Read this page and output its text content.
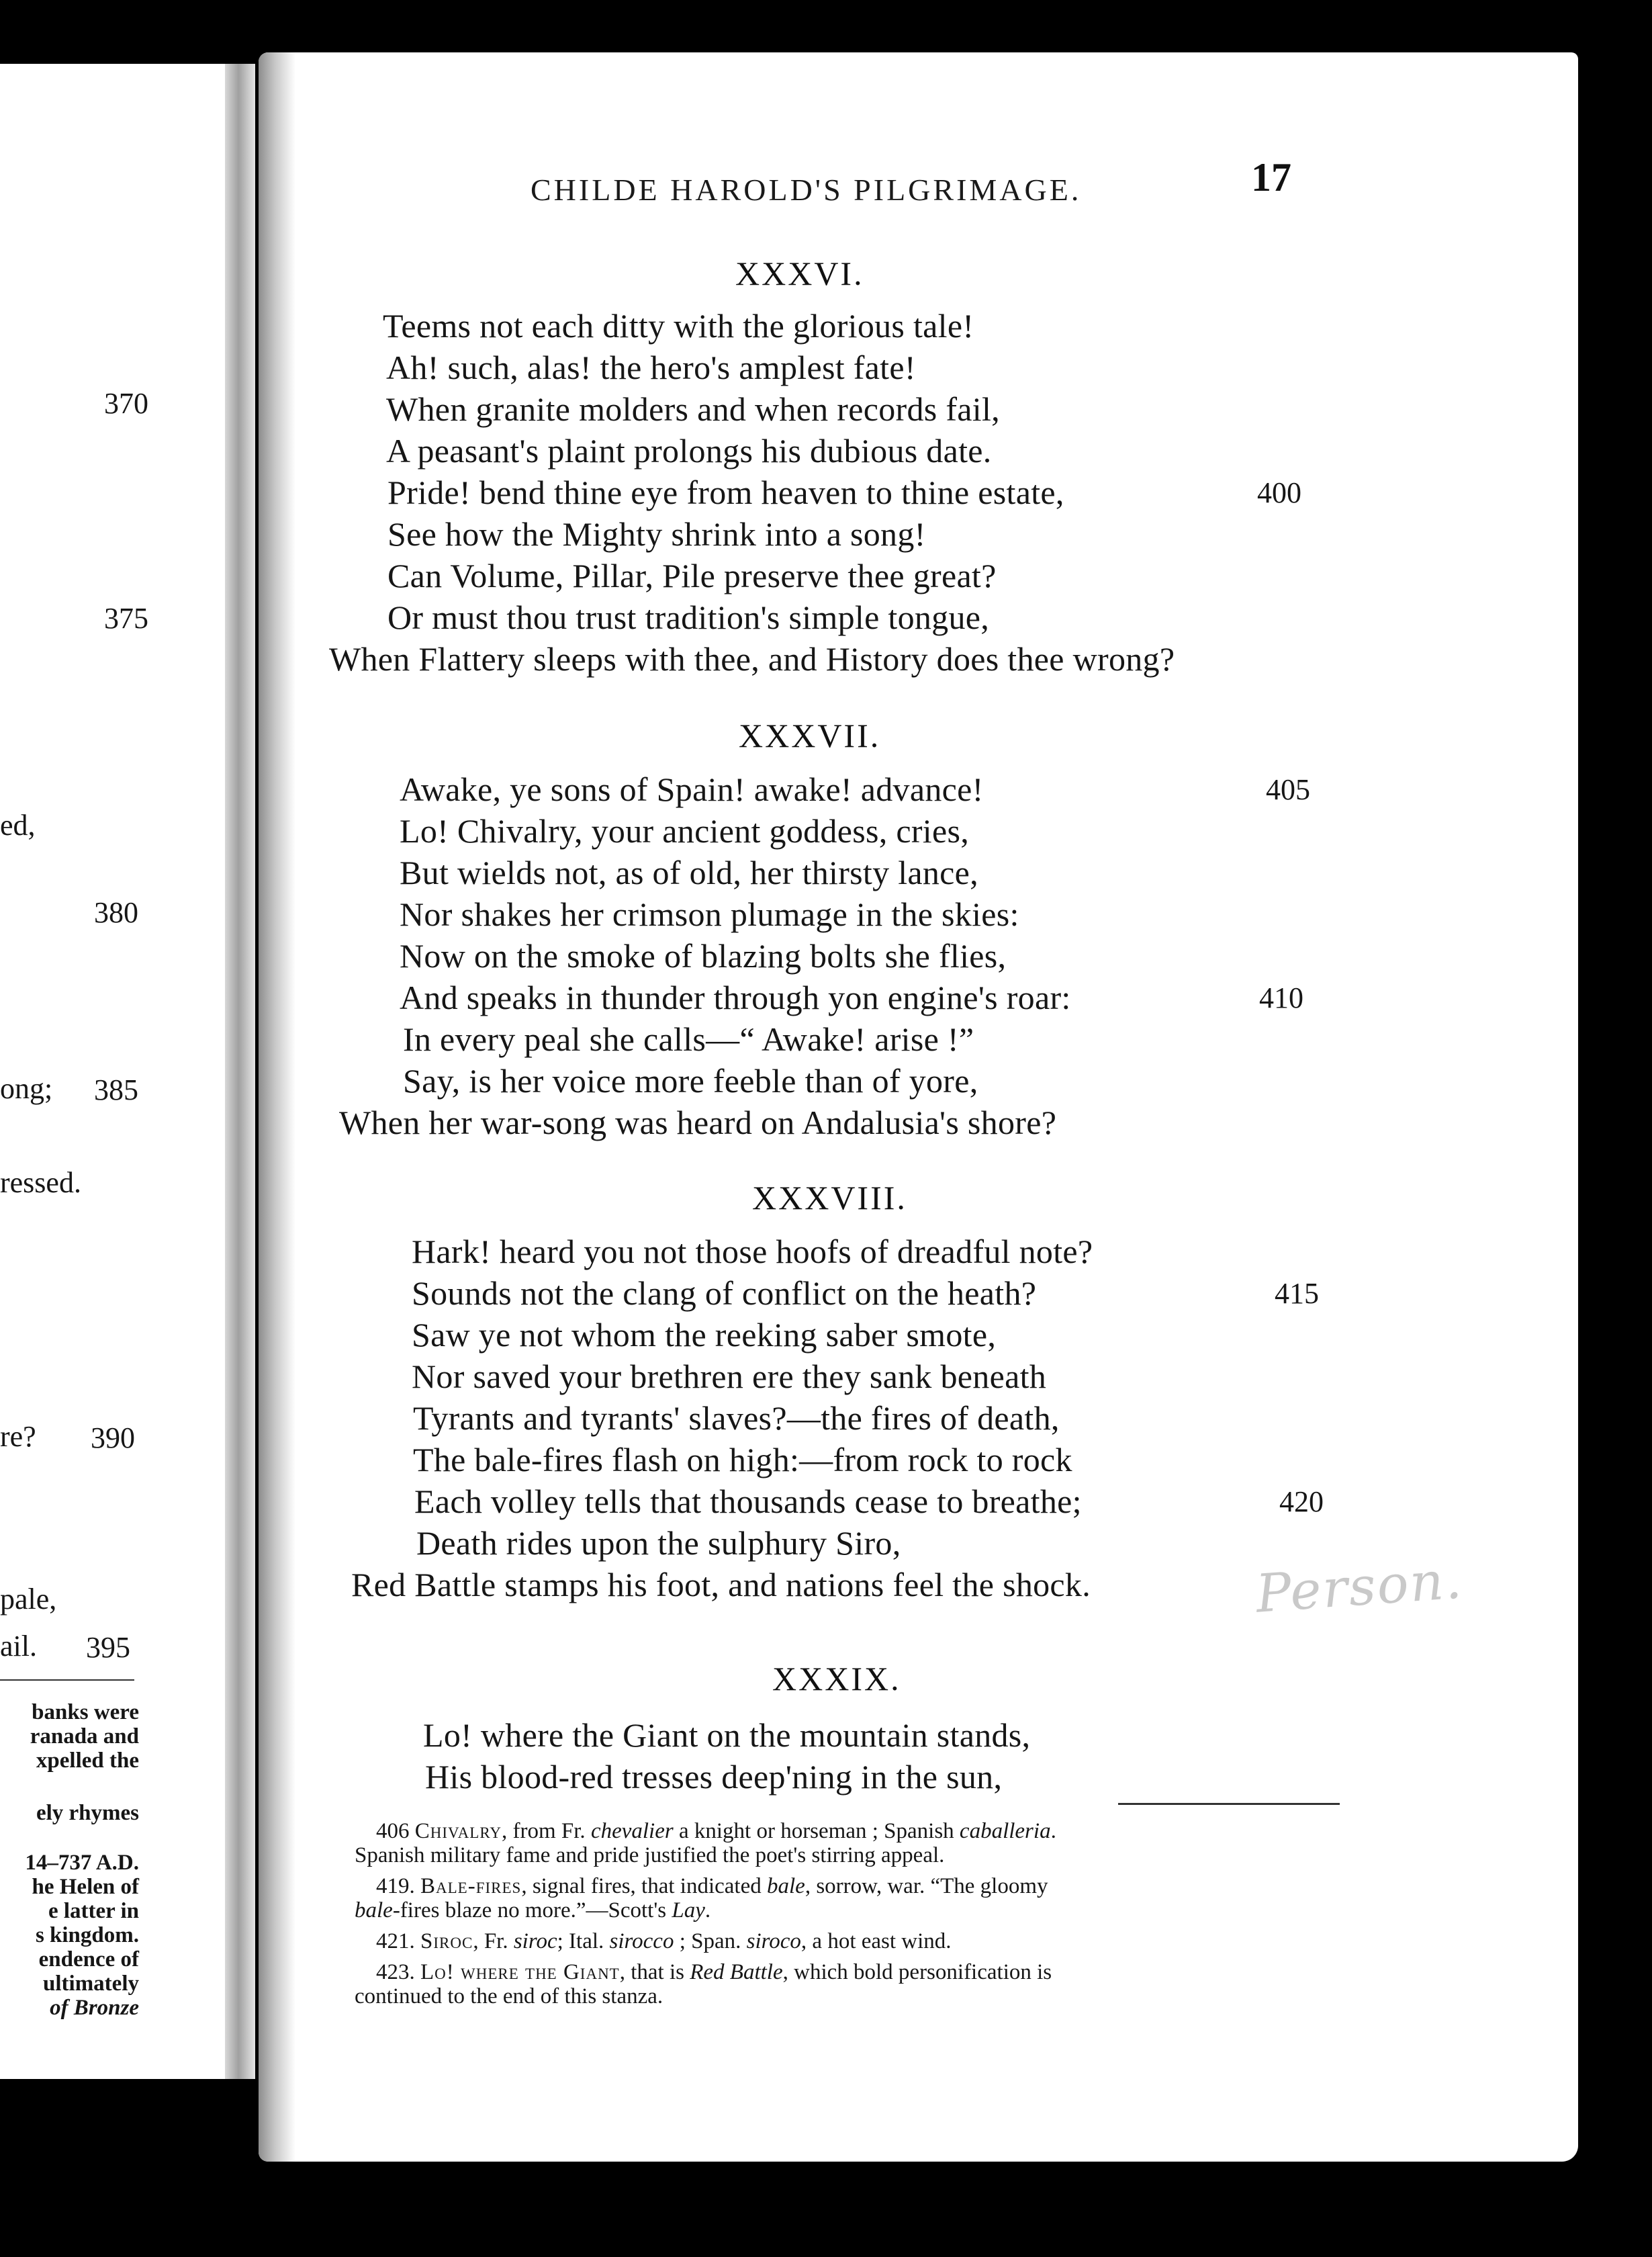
370
375
ed,
380
ong; 385
ressed.
re? 390
pale,
ail. 395
banks were
ranada and
xpelled the
ely rhymes
14–737 A.D.
he Helen of
e latter in
s kingdom.
endence of
ultimately
of Bronze
CHILDE HAROLD'S PILGRIMAGE.	17
XXXVI.
Teems not each ditty with the glorious tale!
Ah! such, alas! the hero's amplest fate!
When granite molders and when records fail,
A peasant's plaint prolongs his dubious date.
Pride! bend thine eye from heaven to thine estate,	400
See how the Mighty shrink into a song!
Can Volume, Pillar, Pile preserve thee great?
Or must thou trust tradition's simple tongue,
When Flattery sleeps with thee, and History does thee wrong?
XXXVII.
Awake, ye sons of Spain! awake! advance!	405
Lo! Chivalry, your ancient goddess, cries,
But wields not, as of old, her thirsty lance,
Nor shakes her crimson plumage in the skies:
Now on the smoke of blazing bolts she flies,
And speaks in thunder through yon engine's roar:	410
In every peal she calls—“ Awake! arise !”
Say, is her voice more feeble than of yore,
When her war-song was heard on Andalusia's shore?
XXXVIII.
Hark! heard you not those hoofs of dreadful note?
Sounds not the clang of conflict on the heath?	415
Saw ye not whom the reeking saber smote,
Nor saved your brethren ere they sank beneath
Tyrants and tyrants' slaves?—the fires of death,
The bale-fires flash on high:—from rock to rock
Each volley tells that thousands cease to breathe;	420
Death rides upon the sulphury Siro,
Red Battle stamps his foot, and nations feel the shock.	Person.
XXXIX.
Lo! where the Giant on the mountain stands,
His blood-red tresses deep'ning in the sun,
406 Chivalry, from Fr. chevalier a knight or horseman ; Spanish caballeria.
Spanish military fame and pride justified the poet's stirring appeal.
419. Bale-fires, signal fires, that indicated bale, sorrow, war. “The gloomy
bale-fires blaze no more.”—Scott's Lay.
421. Siroc, Fr. siroc; Ital. sirocco ; Span. siroco, a hot east wind.
423. Lo! where the Giant, that is Red Battle, which bold personification is
continued to the end of this stanza.
